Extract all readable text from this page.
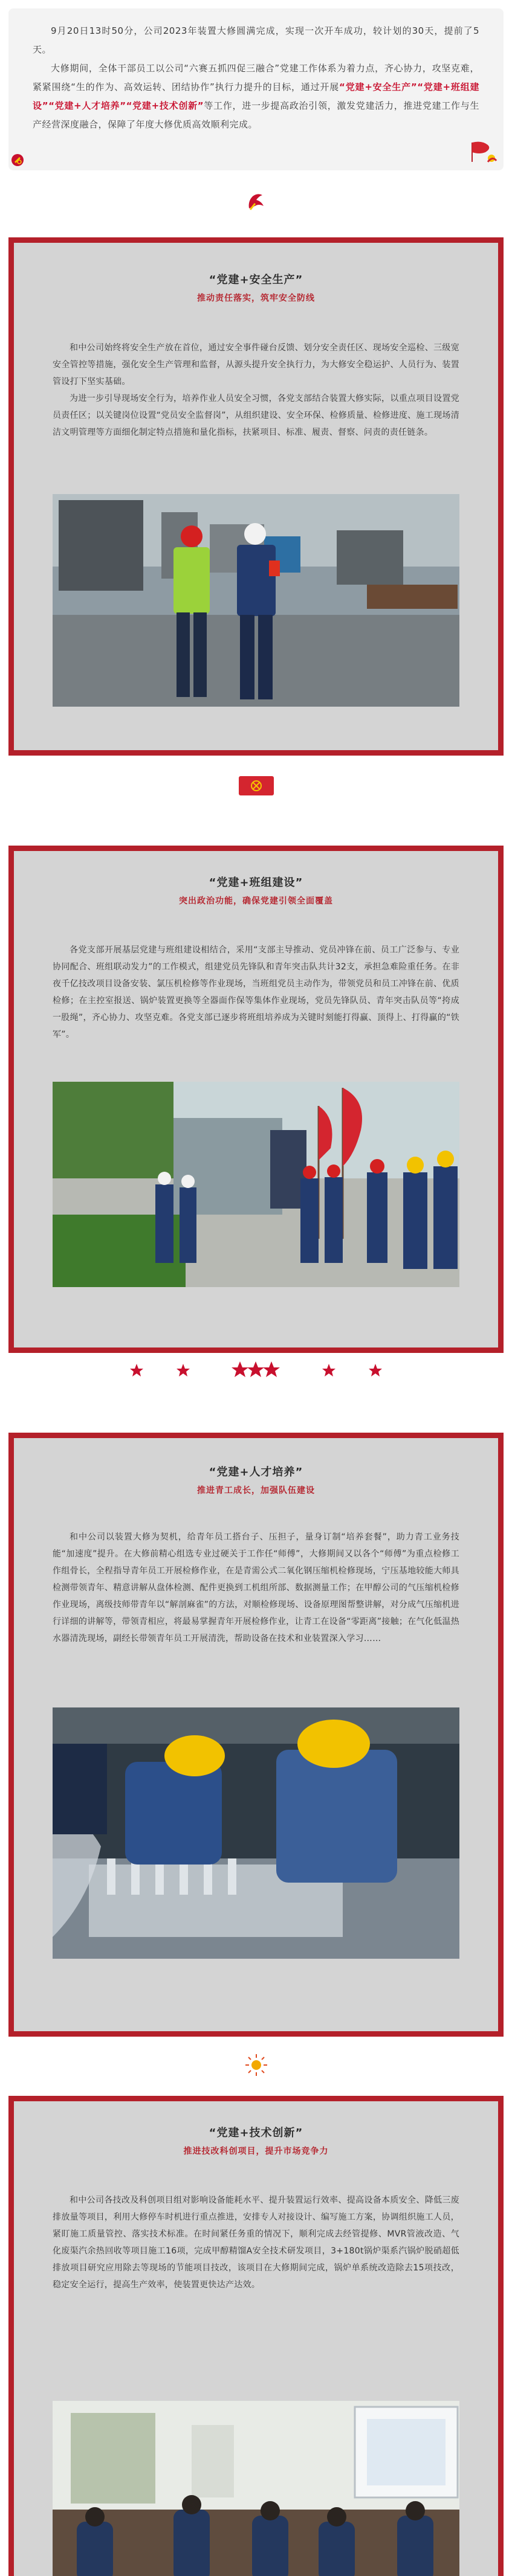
9月20日13时50分，公司2023年装置大修圆满完成，实现一次开车成功，较计划的30天，提前了5天。

大修期间，全体干部员工以公司“六赛五抓四促三融合”党建工作体系为着力点，齐心协力，攻坚克难，紧紧围绕“生的作为、高效运转、团结协作”执行力提升的目标，通过开展“党建+安全生产”“党建+班组建设”“党建+人才培养”“党建+技术创新”等工作，进一步提高政治引领，激发党建活力，推进党建工作与生产经营深度融合，保障了年度大修优质高效顺利完成。

“党建+安全生产”
推动责任落实，筑牢安全防线

和中公司始终将安全生产放在首位，通过安全事件碰台反馈、划分安全责任区、现场安全巡检、三级宽安全管控等措施，强化安全生产管理和监督，从源头提升安全执行力，为大修安全稳运护、人员行为、装置管设打下坚实基础。

为进一步引导现场安全行为，培养作业人员安全习惯，各党支部结合装置大修实际，以重点项目设置党员责任区；以关键岗位设置“党员安全监督岗”，从组织建设、安全环保、检修质量、检修进度、施工现场清洁文明管理等方面细化制定特点措施和量化指标，扶紧项目、标准、履责、督察、问责的责任链条。

“党建+班组建设”
突出政治功能，确保党建引领全面覆盖

各党支部开展基层党建与班组建设相结合，采用“支部主导推动、党员冲锋在前、员工广泛参与、专业协同配合、班组联动发力”的工作模式，组建党员先锋队和青年突击队共计32支，承担急难险重任务。在非夜千亿技改项目设备安装、氯压机检修等作业现场，当班组党员主动作为，带领党员和员工冲锋在前、优质检修；在主控室报送、锅炉装置更换等全器面作保等集体作业现场，党员先锋队员、青年突击队员等“挎成一股绳”，齐心协力、攻坚克难。各党支部已逐步将班组培养成为关键时刻能打得赢、顶得上、打得赢的“铁军”。

“党建+人才培养”
推进青工成长，加强队伍建设

和中公司以装置大修为契机，给青年员工搭台子、压担子，量身订制“培养套餐”，助力青工业务技能“加速度”提升。在大修前精心组选专业过硬关于工作任“师傅”，大修期间又以各个“师傅”为重点检修工作组骨长，全程指导青年员工开展检修作业，在是青需公式二氧化钢压缩机检修现场，宁压基地较能大师具检测带领青年、精意讲解从盘体检测、配件更换到工机组所部、数据测量工作；在甲醇公司的气压缩机检修作业现场，离级技师带青年以“解剖麻雀”的方法，对顺检修现场、设备原理图帮整讲解，对分成气压缩机进行详细的讲解等，带领青相应，将最易掌握青年开展检修作业，让青工在设备“零距离”接触；在气化低温热水器清洗现场，副经长带领青年员工开展清洗，帮助设备在技术和业装置深入学习……

“党建+技术创新”
推进技改科创项目，提升市场竞争力

和中公司各技改及科创项目组对影响设备能耗水平、提升装置运行效率、提高设备本质安全、降低三废排放量等项目，利用大修停车时机进行重点推进，安排专人对接设计、编写施工方案，协调组织施工人员，紧盯施工质量管控、落实技术标准。在时间紧任务重的情况下，顺利完成去经管提修、MVR管液改造、气化废渠汽余热回收等项目施工16项，完成甲醇精馏A安全技术研发项目，3+180t锅炉渠系汽锅炉脱硝超低排放项目研究应用除去等现场的节能项目技改，该项目在大修期间完成，锅炉单系统改造除去15项技改，稳定安全运行，提高生产效率，使装置更快达产达效。
